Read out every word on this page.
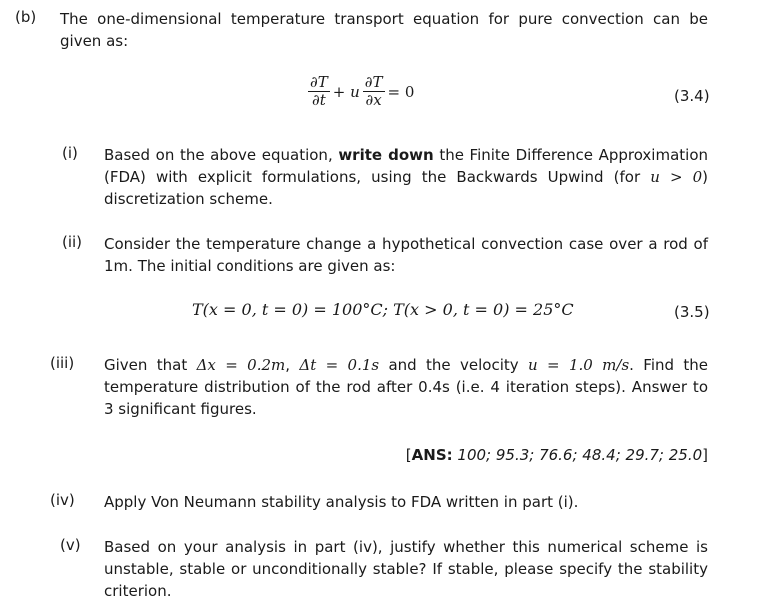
(b) The one-dimensional temperature transport equation for pure convection can be given as:
$\frac{\partial T}{\partial t} + u \frac{\partial T}{\partial x} = 0$	(3.4)
(i) Based on the above equation, write down the Finite Difference Approximation (FDA) with explicit formulations, using the Backwards Upwind (for u > 0) discretization scheme.
(ii) Consider the temperature change a hypothetical convection case over a rod of 1m. The initial conditions are given as:
T(x = 0, t = 0) = 100°C; T(x > 0, t = 0) = 25°C	(3.5)
(iii) Given that Δx = 0.2m, Δt = 0.1s and the velocity u = 1.0 m/s. Find the temperature distribution of the rod after 0.4s (i.e. 4 iteration steps). Answer to 3 significant figures.
[ANS: 100; 95.3; 76.6; 48.4; 29.7; 25.0]
(iv) Apply Von Neumann stability analysis to FDA written in part (i).
(v) Based on your analysis in part (iv), justify whether this numerical scheme is unstable, stable or unconditionally stable? If stable, please specify the stability criterion.
